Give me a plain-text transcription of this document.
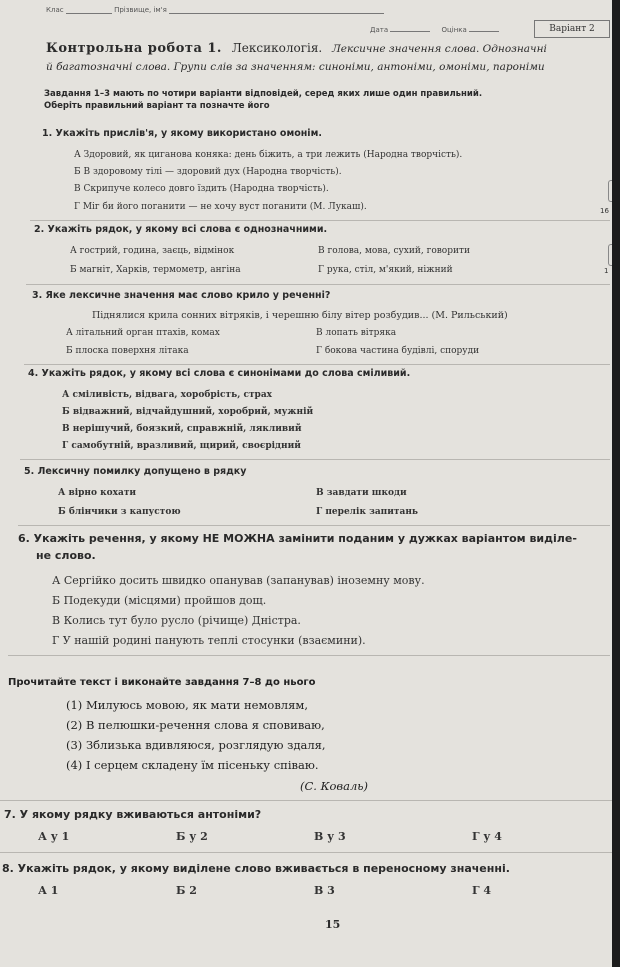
Клас	Прізвище, ім'я
Дата	Оцінка	Варіант 2
Контрольна робота 1. Лексикологія. Лексичне значення слова. Однозначні
й багатозначні слова. Групи слів за значенням: синоніми, антоніми, омоніми, пароніми
Завдання 1–3 мають по чотири варіанти відповідей, серед яких лише один правильний.
Оберіть правильний варіант та позначте його
1. Укажіть прислів'я, у якому використано омонім.
А Здоровий, як циганова коняка: день біжить, а три лежить (Народна творчість).
Б В здоровому тілі — здоровий дух (Народна творчість).
В Скрипуче колесо довго їздить (Народна творчість).
Г Міг би його поганити — не хочу вуст поганити (М. Лукаш).
2. Укажіть рядок, у якому всі слова є однозначними.
А гострий, година, заєць, відмінок	В голова, мова, сухий, говорити
Б магніт, Харків, термометр, ангіна	Г рука, стіл, м'який, ніжний
3. Яке лексичне значення має слово крило у реченні?
Піднялися крила сонних вітряків, і черешню білу вітер розбудив... (М. Рильський)
А літальний орган птахів, комах	В лопать вітряка
Б плоска поверхня літака	Г бокова частина будівлі, споруди
4. Укажіть рядок, у якому всі слова є синонімами до слова сміливий.
А сміливість, відвага, хоробрість, страх
Б відважний, відчайдушний, хоробрий, мужній
В нерішучий, боязкий, справжній, лякливий
Г самобутній, вразливий, щирий, своєрідний
5. Лексичну помилку допущено в рядку
А вірно кохати	В завдати шкоди
Б блінчики з капустою	Г перелік запитань
6. Укажіть речення, у якому НЕ МОЖНА замінити поданим у дужках варіантом виділе-
не слово.
А Сергійко досить швидко опанував (запанував) іноземну мову.
Б Подекуди (місцями) пройшов дощ.
В Колись тут було русло (річище) Дністра.
Г У нашій родині панують теплі стосунки (взаємини).
Прочитайте текст і виконайте завдання 7–8 до нього
(1) Милуюсь мовою, як мати немовлям,
(2) В пелюшки-речення слова я сповиваю,
(3) Зблизька вдивляюся, розглядую здаля,
(4) І серцем складену їм пісеньку співаю.
(С. Коваль)
7. У якому рядку вживаються антоніми?
А у 1	Б у 2	В у 3	Г у 4
8. Укажіть рядок, у якому виділене слово вживається в переносному значенні.
А 1	Б 2	В 3	Г 4
15
16
1
